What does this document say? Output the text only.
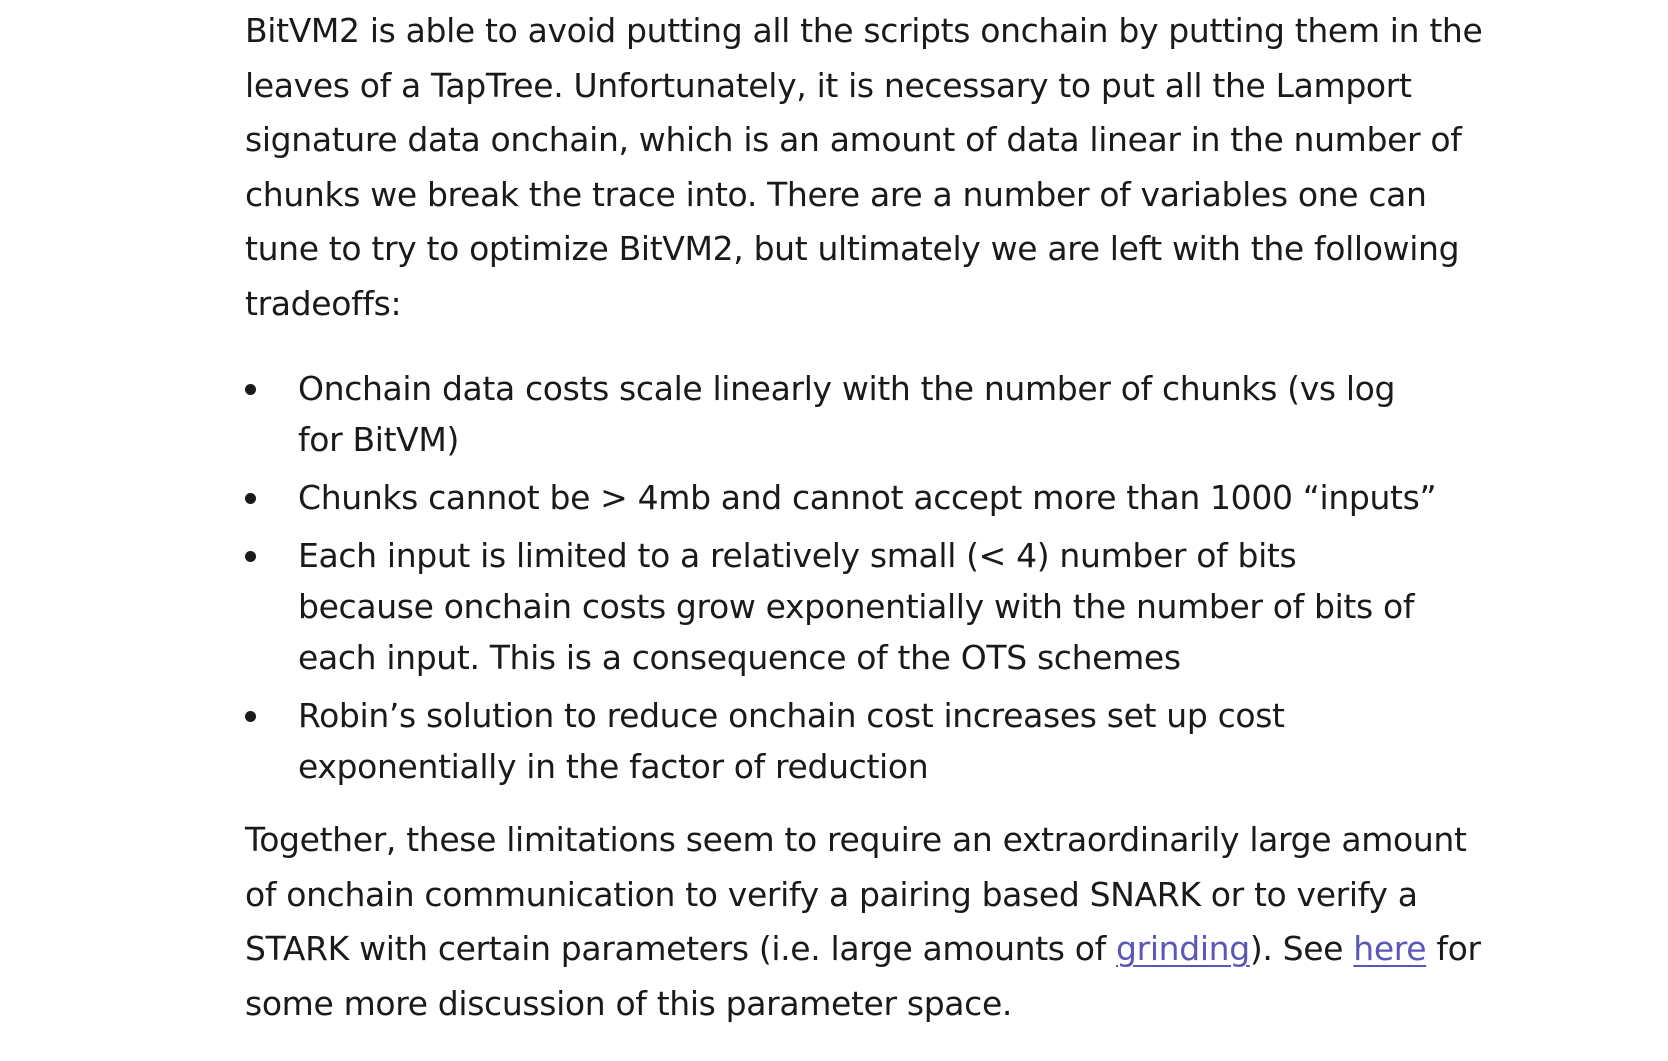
BitVM2 is able to avoid putting all the scripts onchain by putting them in the leaves of a TapTree. Unfortunately, it is necessary to put all the Lamport signature data onchain, which is an amount of data linear in the number of chunks we break the trace into. There are a number of variables one can tune to try to optimize BitVM2, but ultimately we are left with the following tradeoffs:

Onchain data costs scale linearly with the number of chunks (vs log for BitVM)
Chunks cannot be > 4mb and cannot accept more than 1000 “inputs”
Each input is limited to a relatively small (< 4) number of bits because onchain costs grow exponentially with the number of bits of each input. This is a consequence of the OTS schemes
Robin’s solution to reduce onchain cost increases set up cost exponentially in the factor of reduction

Together, these limitations seem to require an extraordinarily large amount of onchain communication to verify a pairing based SNARK or to verify a STARK with certain parameters (i.e. large amounts of grinding). See here for some more discussion of this parameter space.
